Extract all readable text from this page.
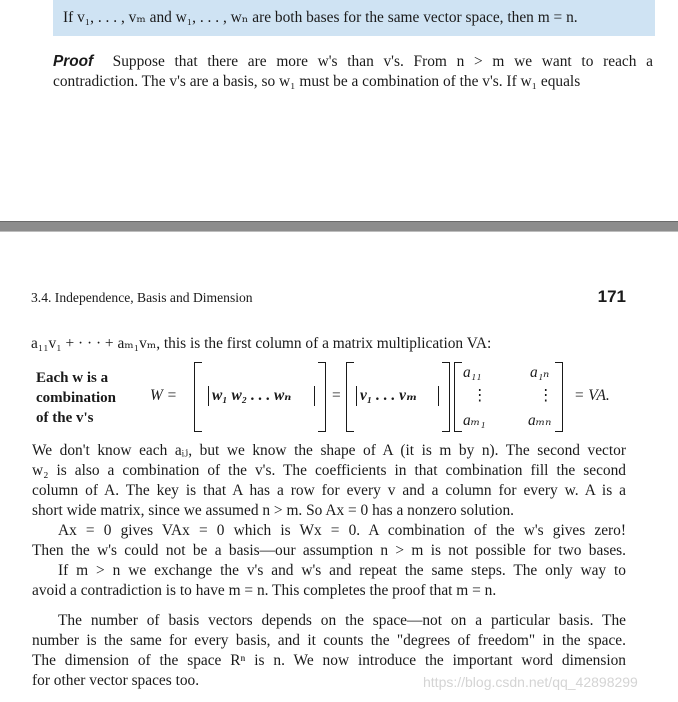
If v₁, . . . , vₘ and w₁, . . . , wₙ are both bases for the same vector space, then m = n.
Proof Suppose that there are more w's than v's. From n > m we want to reach a
contradiction. The v's are a basis, so w₁ must be a combination of the v's. If w₁ equals
3.4. Independence, Basis and Dimension	171
a₁₁v₁ + · · · + aₘ₁vₘ, this is the first column of a matrix multiplication VA:
Each w is a
combination
of the v's
W = w₁ w₂ . . . wₙ	= v₁ . . . vₘ
a₁₁	a₁ₙ
⋮	⋮
aₘ₁	aₘₙ
= VA.
We don't know each aᵢⱼ, but we know the shape of A (it is m by n). The second vector
w₂ is also a combination of the v's. The coefficients in that combination fill the second
column of A. The key is that A has a row for every v and a column for every w. A is a
short wide matrix, since we assumed n > m. So Ax = 0 has a nonzero solution.
Ax = 0 gives VAx = 0 which is Wx = 0. A combination of the w's gives zero!
Then the w's could not be a basis—our assumption n > m is not possible for two bases.
If m > n we exchange the v's and w's and repeat the same steps. The only way to
avoid a contradiction is to have m = n. This completes the proof that m = n.
The number of basis vectors depends on the space—not on a particular basis. The
number is the same for every basis, and it counts the "degrees of freedom" in the space.
The dimension of the space Rⁿ is n. We now introduce the important word dimension
for other vector spaces too.	https://blog.csdn.net/qq_42898299
